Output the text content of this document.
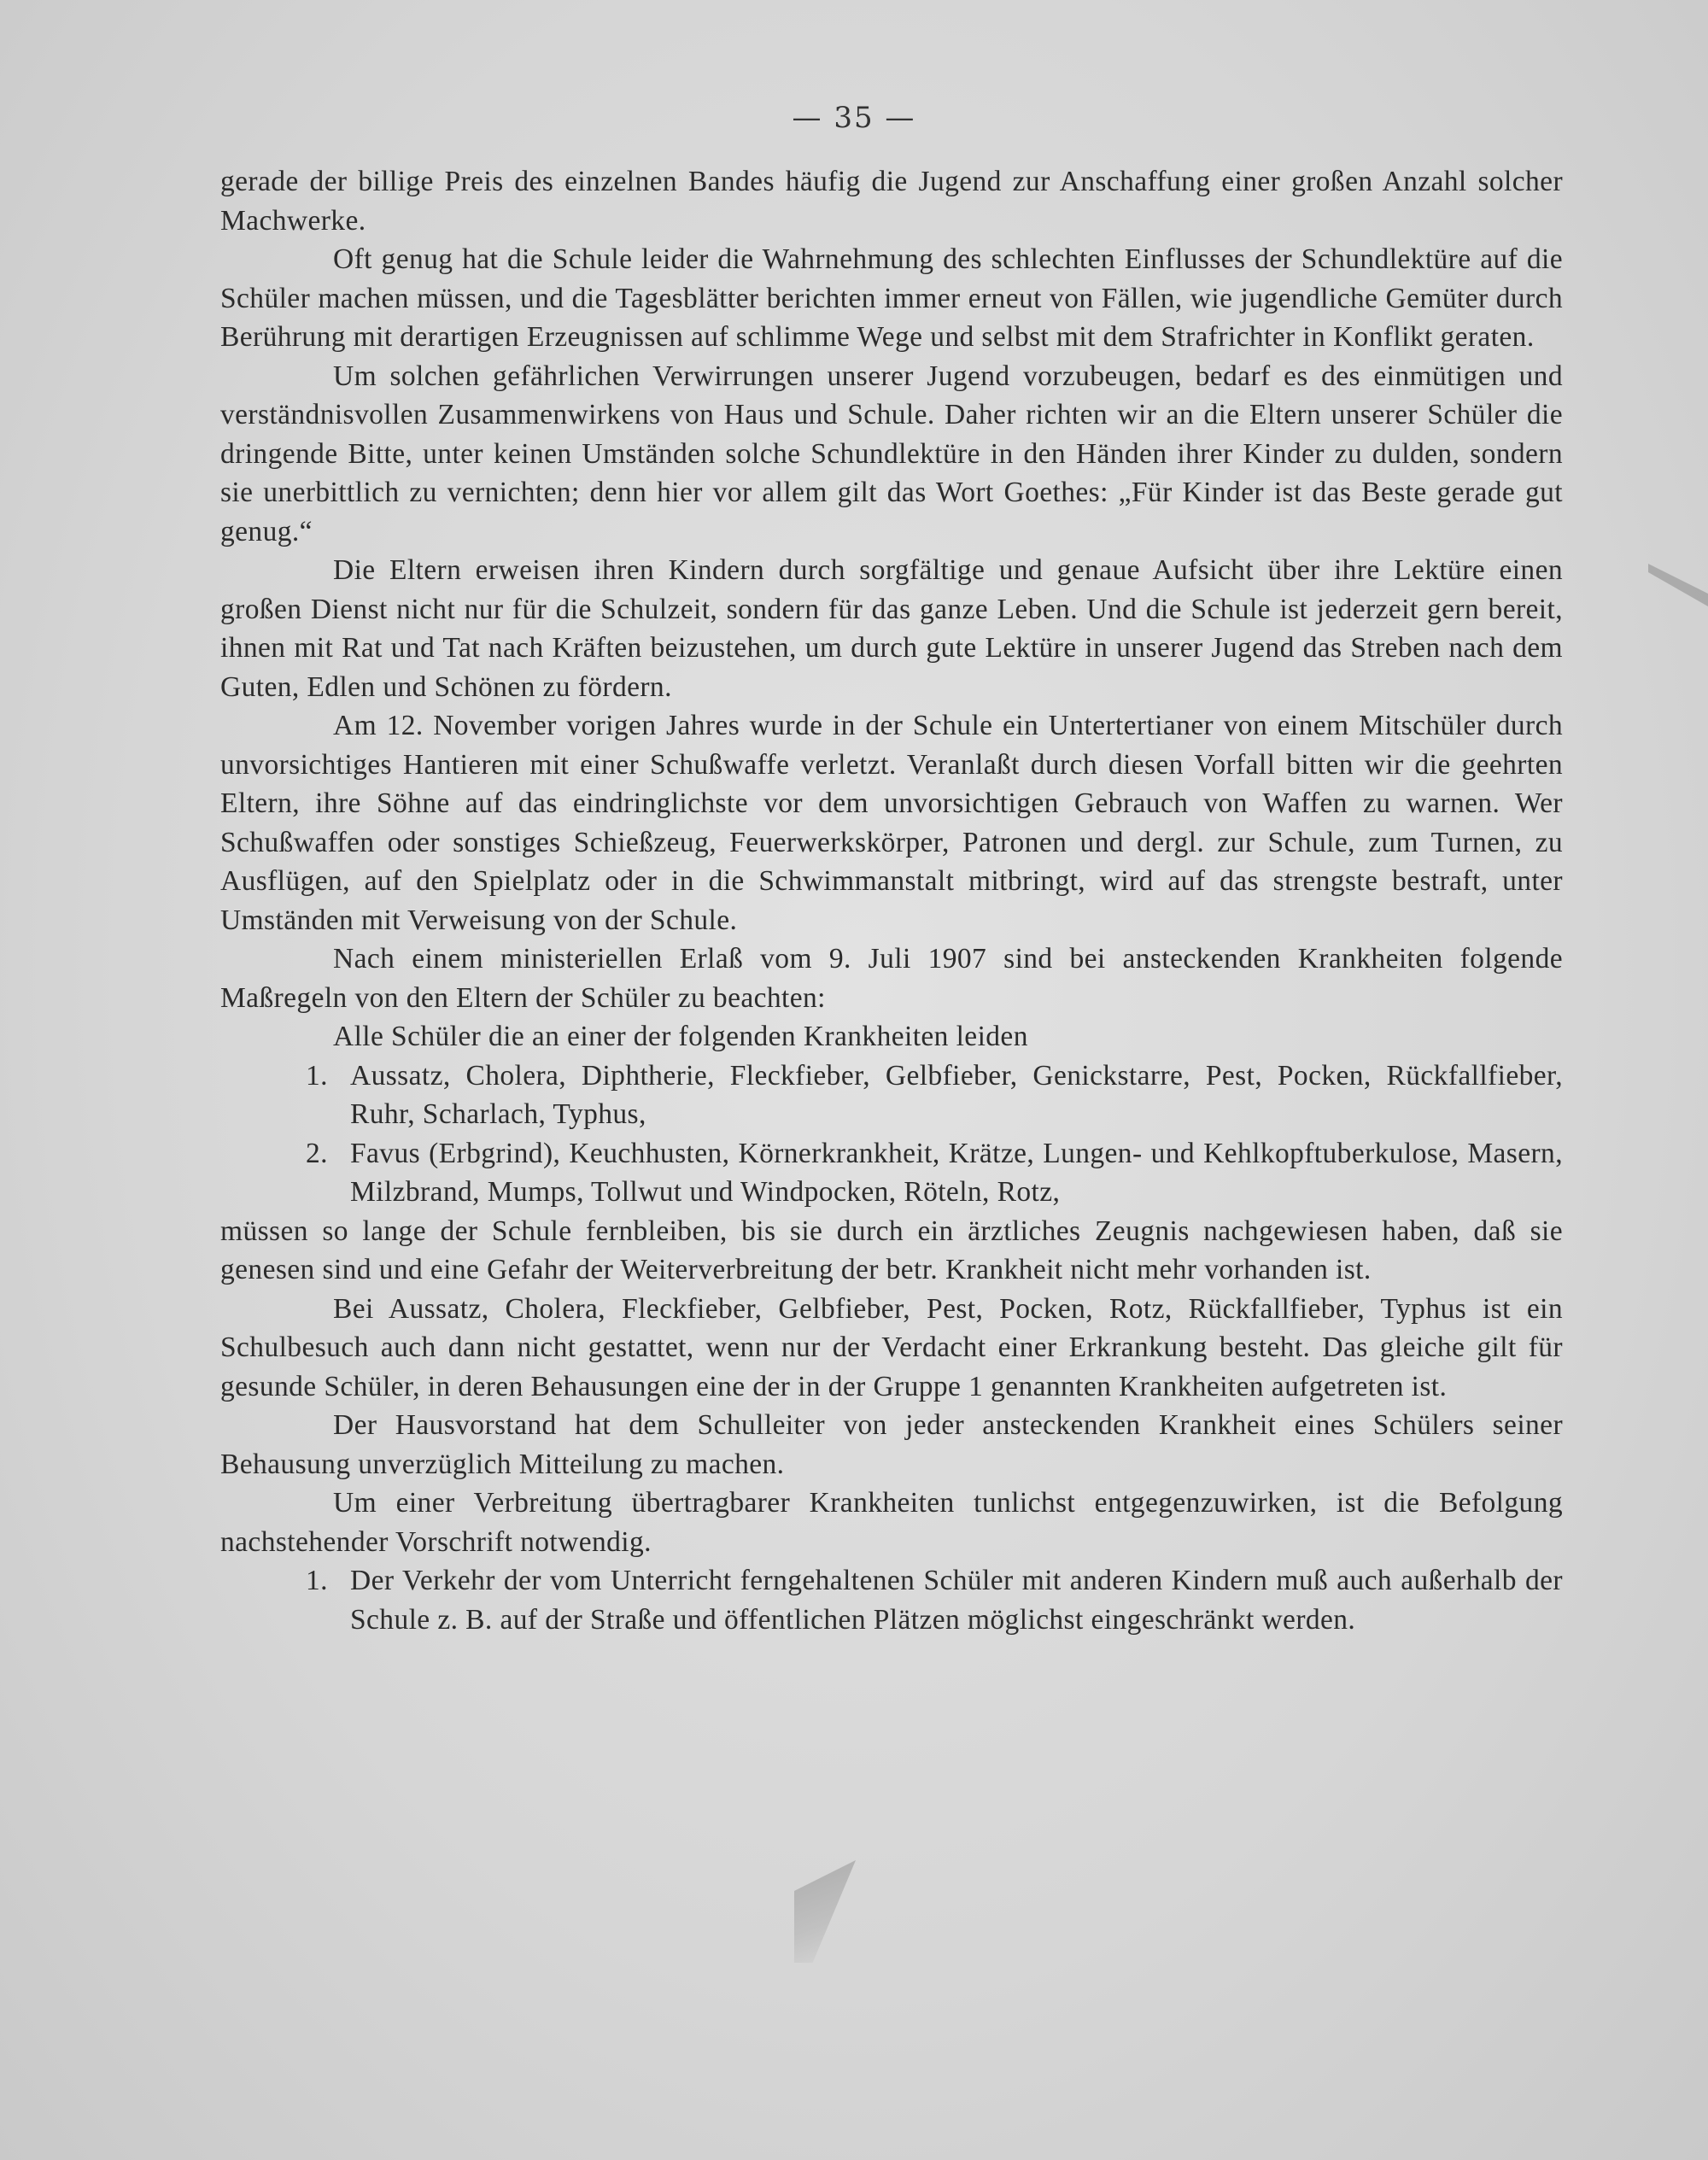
— 35 —

gerade der billige Preis des einzelnen Bandes häufig die Jugend zur Anschaffung einer großen Anzahl solcher Machwerke.

Oft genug hat die Schule leider die Wahrnehmung des schlechten Einflusses der Schundlektüre auf die Schüler machen müssen, und die Tagesblätter berichten immer erneut von Fällen, wie jugendliche Gemüter durch Berührung mit derartigen Erzeugnissen auf schlimme Wege und selbst mit dem Strafrichter in Konflikt geraten.

Um solchen gefährlichen Verwirrungen unserer Jugend vorzubeugen, bedarf es des einmütigen und verständnisvollen Zusammenwirkens von Haus und Schule. Daher richten wir an die Eltern unserer Schüler die dringende Bitte, unter keinen Umständen solche Schundlektüre in den Händen ihrer Kinder zu dulden, sondern sie unerbittlich zu vernichten; denn hier vor allem gilt das Wort Goethes: „Für Kinder ist das Beste gerade gut genug.“

Die Eltern erweisen ihren Kindern durch sorgfältige und genaue Aufsicht über ihre Lektüre einen großen Dienst nicht nur für die Schulzeit, sondern für das ganze Leben. Und die Schule ist jederzeit gern bereit, ihnen mit Rat und Tat nach Kräften beizustehen, um durch gute Lektüre in unserer Jugend das Streben nach dem Guten, Edlen und Schönen zu fördern.

Am 12. November vorigen Jahres wurde in der Schule ein Untertertianer von einem Mitschüler durch unvorsichtiges Hantieren mit einer Schußwaffe verletzt. Veranlaßt durch diesen Vorfall bitten wir die geehrten Eltern, ihre Söhne auf das eindringlichste vor dem unvorsichtigen Gebrauch von Waffen zu warnen. Wer Schußwaffen oder sonstiges Schießzeug, Feuerwerkskörper, Patronen und dergl. zur Schule, zum Turnen, zu Ausflügen, auf den Spielplatz oder in die Schwimmanstalt mitbringt, wird auf das strengste bestraft, unter Umständen mit Verweisung von der Schule.

Nach einem ministeriellen Erlaß vom 9. Juli 1907 sind bei ansteckenden Krankheiten folgende Maßregeln von den Eltern der Schüler zu beachten:

Alle Schüler die an einer der folgenden Krankheiten leiden

1. Aussatz, Cholera, Diphtherie, Fleckfieber, Gelbfieber, Genickstarre, Pest, Pocken, Rückfallfieber, Ruhr, Scharlach, Typhus,
2. Favus (Erbgrind), Keuchhusten, Körnerkrankheit, Krätze, Lungen- und Kehlkopftuberkulose, Masern, Milzbrand, Mumps, Tollwut und Windpocken, Röteln, Rotz,

müssen so lange der Schule fernbleiben, bis sie durch ein ärztliches Zeugnis nachgewiesen haben, daß sie genesen sind und eine Gefahr der Weiterverbreitung der betr. Krankheit nicht mehr vorhanden ist.

Bei Aussatz, Cholera, Fleckfieber, Gelbfieber, Pest, Pocken, Rotz, Rückfallfieber, Typhus ist ein Schulbesuch auch dann nicht gestattet, wenn nur der Verdacht einer Erkrankung besteht. Das gleiche gilt für gesunde Schüler, in deren Behausungen eine der in der Gruppe 1 genannten Krankheiten aufgetreten ist.

Der Hausvorstand hat dem Schulleiter von jeder ansteckenden Krankheit eines Schülers seiner Behausung unverzüglich Mitteilung zu machen.

Um einer Verbreitung übertragbarer Krankheiten tunlichst entgegenzuwirken, ist die Befolgung nachstehender Vorschrift notwendig.

1. Der Verkehr der vom Unterricht ferngehaltenen Schüler mit anderen Kindern muß auch außerhalb der Schule z. B. auf der Straße und öffentlichen Plätzen möglichst eingeschränkt werden.
